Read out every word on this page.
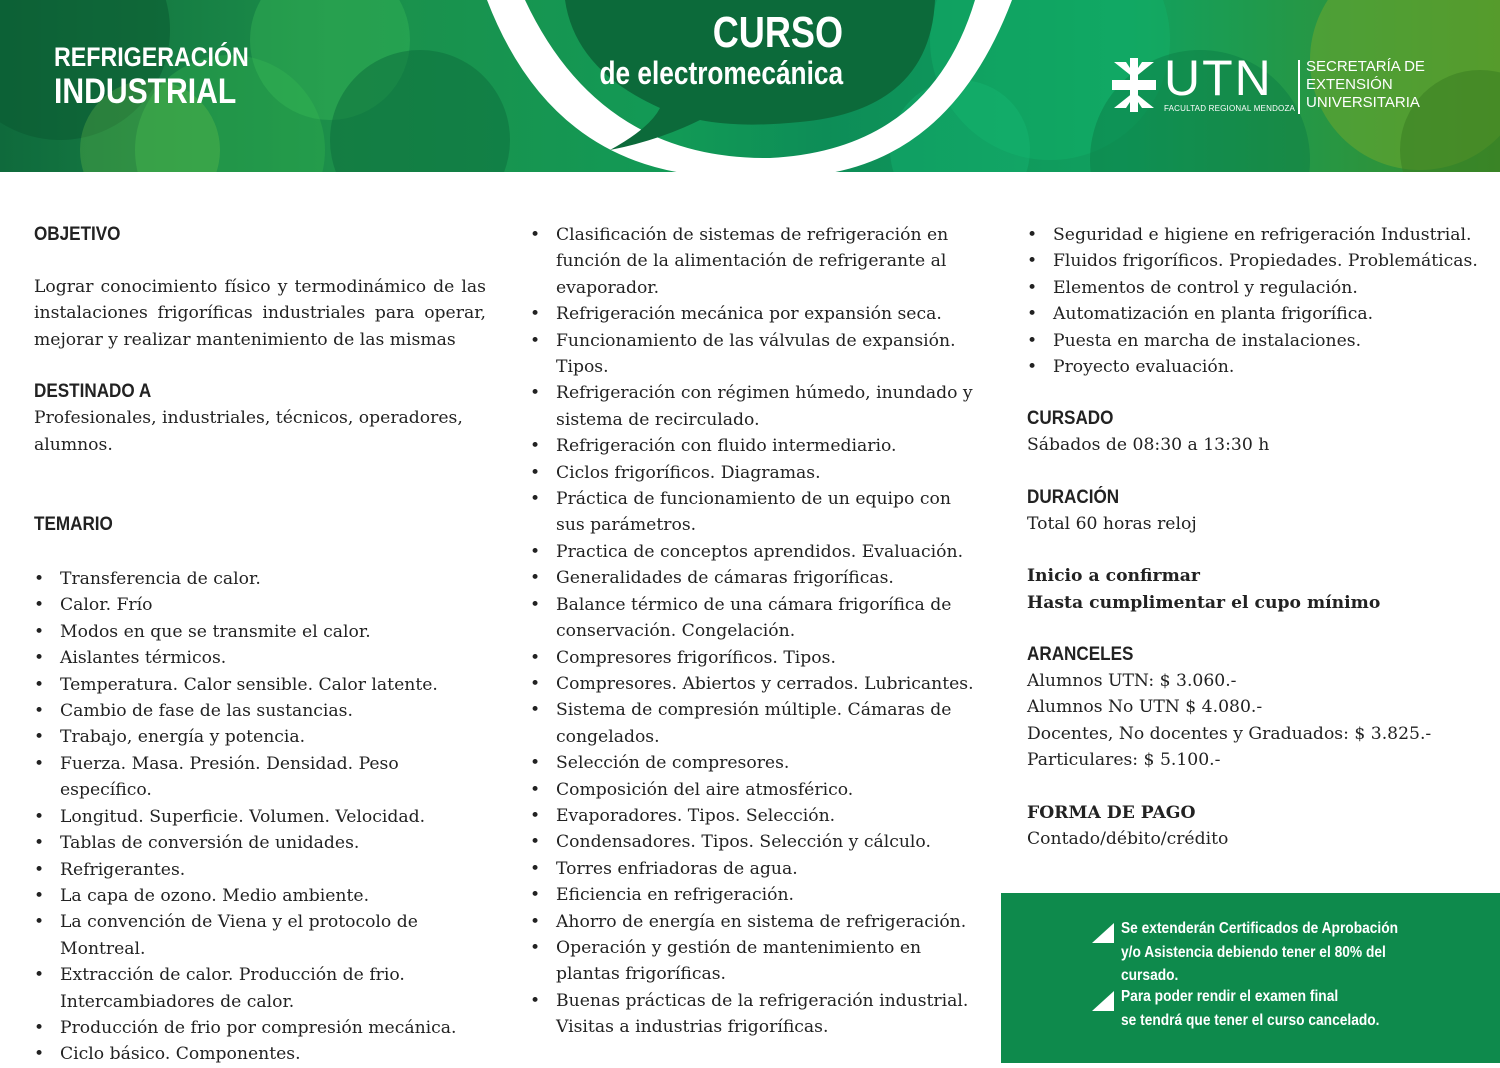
REFRIGERACIÓN
INDUSTRIAL
CURSO
de electromecánica	UTN
FACULTAD REGIONAL MENDOZA
SECRETARÍA DE
EXTENSIÓN
UNIVERSITARIA
OBJETIVO

Lograr conocimiento físico y termodinámico de las instalaciones frigoríficas industriales para operar, mejorar y realizar mantenimiento de las mismas

DESTINADO A

Profesionales, industriales, técnicos, operadores, alumnos.

TEMARIO
• Transferencia de calor.
• Calor. Frío
• Modos en que se transmite el calor.
• Aislantes térmicos.
• Temperatura. Calor sensible. Calor latente.
• Cambio de fase de las sustancias.
• Trabajo, energía y potencia.
• Fuerza. Masa. Presión. Densidad. Peso específico.
• Longitud. Superficie. Volumen. Velocidad.
• Tablas de conversión de unidades.
• Refrigerantes.
• La capa de ozono. Medio ambiente.
• La convención de Viena y el protocolo de Montreal.
• Extracción de calor. Producción de frio. Intercambiadores de calor.
• Producción de frio por compresión mecánica.
• Ciclo básico. Componentes.
• Clasificación de sistemas de refrigeración en función de la alimentación de refrigerante al evaporador.
• Refrigeración mecánica por expansión seca.
• Funcionamiento de las válvulas de expansión. Tipos.
• Refrigeración con régimen húmedo, inundado y sistema de recirculado.
• Refrigeración con fluido intermediario.
• Ciclos frigoríficos. Diagramas.
• Práctica de funcionamiento de un equipo con sus parámetros.
• Practica de conceptos aprendidos. Evaluación.
• Generalidades de cámaras frigoríficas.
• Balance térmico de una cámara frigorífica de conservación. Congelación.
• Compresores frigoríficos. Tipos.
• Compresores. Abiertos y cerrados. Lubricantes.
• Sistema de compresión múltiple. Cámaras de congelados.
• Selección de compresores.
• Composición del aire atmosférico.
• Evaporadores. Tipos. Selección.
• Condensadores. Tipos. Selección y cálculo.
• Torres enfriadoras de agua.
• Eficiencia en refrigeración.
• Ahorro de energía en sistema de refrigeración.
• Operación y gestión de mantenimiento en plantas frigoríficas.
• Buenas prácticas de la refrigeración industrial. Visitas a industrias frigoríficas.
• Seguridad e higiene en refrigeración Industrial.
• Fluidos frigoríficos. Propiedades. Problemáticas.
• Elementos de control y regulación.
• Automatización en planta frigorífica.
• Puesta en marcha de instalaciones.
• Proyecto evaluación.
CURSADO

Sábados de 08:30 a 13:30 h

DURACIÓN

Total 60 horas reloj

Inicio a confirmar

Hasta cumplimentar el cupo mínimo

ARANCELES

Alumnos UTN: $ 3.060.-

Alumnos No UTN $ 4.080.-

Docentes, No docentes y Graduados: $ 3.825.-

Particulares: $ 5.100.-

FORMA DE PAGO

Contado/débito/crédito

Se extenderán Certificados de Aprobación
y/o Asistencia debiendo tener el 80% del
cursado.
Para poder rendir el examen final
se tendrá que tener el curso cancelado.
